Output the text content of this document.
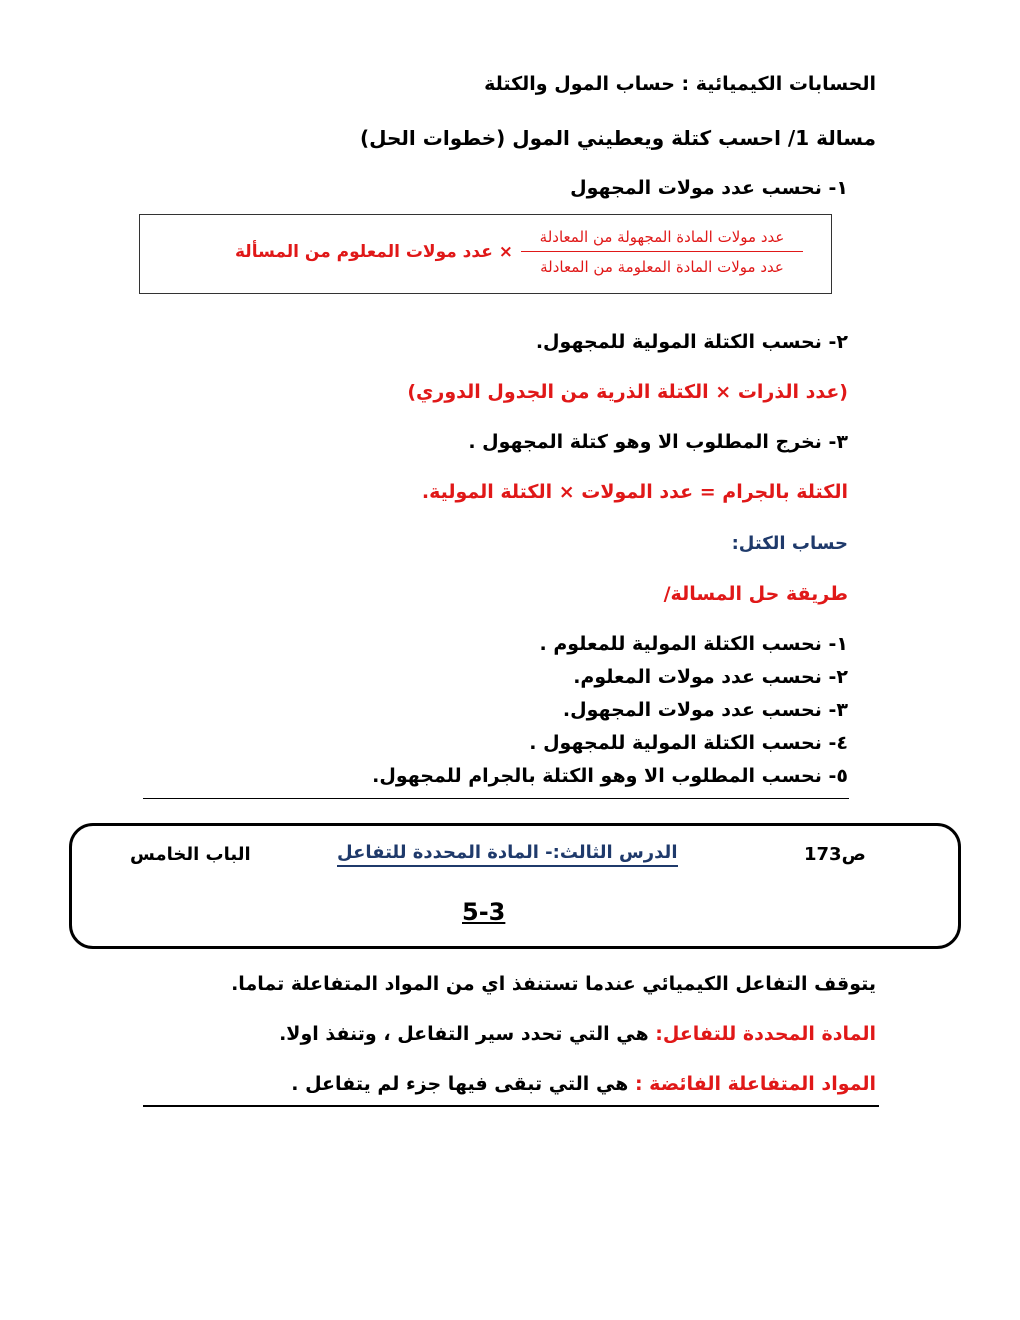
الحسابات الكيميائية : حساب المول والكتلة
مسالة 1/ احسب كتلة ويعطيني المول (خطوات الحل)
١- نحسب عدد مولات المجهول
عدد مولات المادة المجهولة من المعادلة
عدد مولات المادة المعلومة من المعادلة
× عدد مولات المعلوم من المسألة
٢- نحسب الكتلة المولية للمجهول.
(عدد الذرات × الكتلة الذرية من الجدول الدوري)
٣- نخرج المطلوب الا وهو كتلة المجهول .
الكتلة بالجرام = عدد المولات × الكتلة المولية.
حساب الكتل:
طريقة حل المسالة/
١- نحسب الكتلة المولية للمعلوم .
٢- نحسب عدد مولات المعلوم.
٣- نحسب عدد مولات المجهول.
٤- نحسب الكتلة المولية للمجهول .
٥- نحسب المطلوب الا وهو الكتلة بالجرام للمجهول.
الباب الخامس	الدرس الثالث:- المادة المحددة للتفاعل	ص173
5-3
يتوقف التفاعل الكيميائي عندما تستنفذ اي من المواد المتفاعلة تماما.
المادة المحددة للتفاعل: هي التي تحدد سير التفاعل ، وتنفذ اولا.
المواد المتفاعلة الفائضة : هي التي تبقى فيها جزء لم يتفاعل .
